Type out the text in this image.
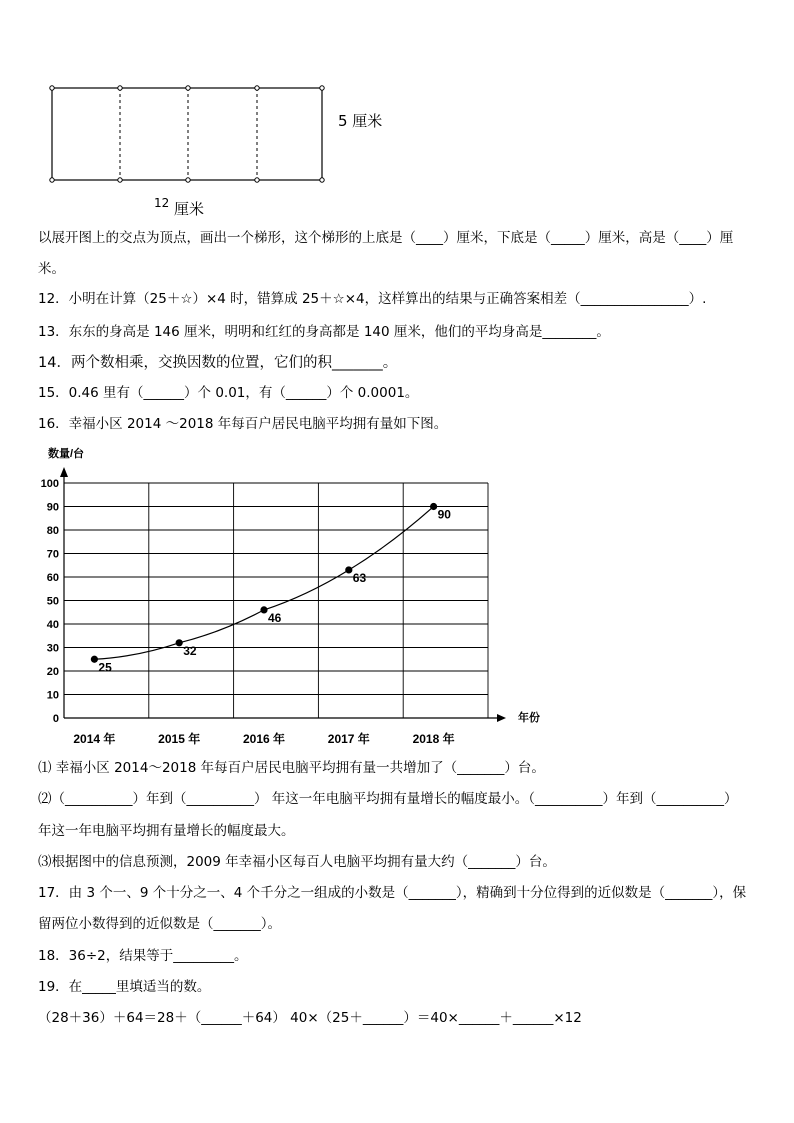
5 厘米
12 厘米
以展开图上的交点为顶点，画出一个梯形，这个梯形的上底是（____）厘米，下底是（_____）厘米，高是（____）厘
米。
12．小明在计算（25＋☆）×4 时，错算成 25＋☆×4，这样算出的结果与正确答案相差（________________）.
13．东东的身高是 146 厘米，明明和红红的身高都是 140 厘米，他们的平均身高是________。
14．两个数相乘，交换因数的位置，它们的积_______。
15．0.46 里有（______）个 0.01，有（______）个 0.0001。
16．幸福小区 2014 ～2018 年每百户居民电脑平均拥有量如下图。
0
10
20
30
40
50
60
70
80
90
100
数量/台
年份
2014 年	2015 年	2016 年	2017 年	2018 年
25
32
46
63
90
⑴ 幸福小区 2014～2018 年每百户居民电脑平均拥有量一共增加了（_______）台。
⑵（__________）年到（__________） 年这一年电脑平均拥有量增长的幅度最小。（__________）年到（__________）
年这一年电脑平均拥有量增长的幅度最大。
⑶根据图中的信息预测，2009 年幸福小区每百人电脑平均拥有量大约（_______）台。
17．由 3 个一、9 个十分之一、4 个千分之一组成的小数是（_______），精确到十分位得到的近似数是（_______），保
留两位小数得到的近似数是（_______）。
18．36÷2，结果等于_________。
19．在_____里填适当的数。
（28＋36）＋64＝28＋（______＋64） 40×（25＋______）＝40×______＋______×12
